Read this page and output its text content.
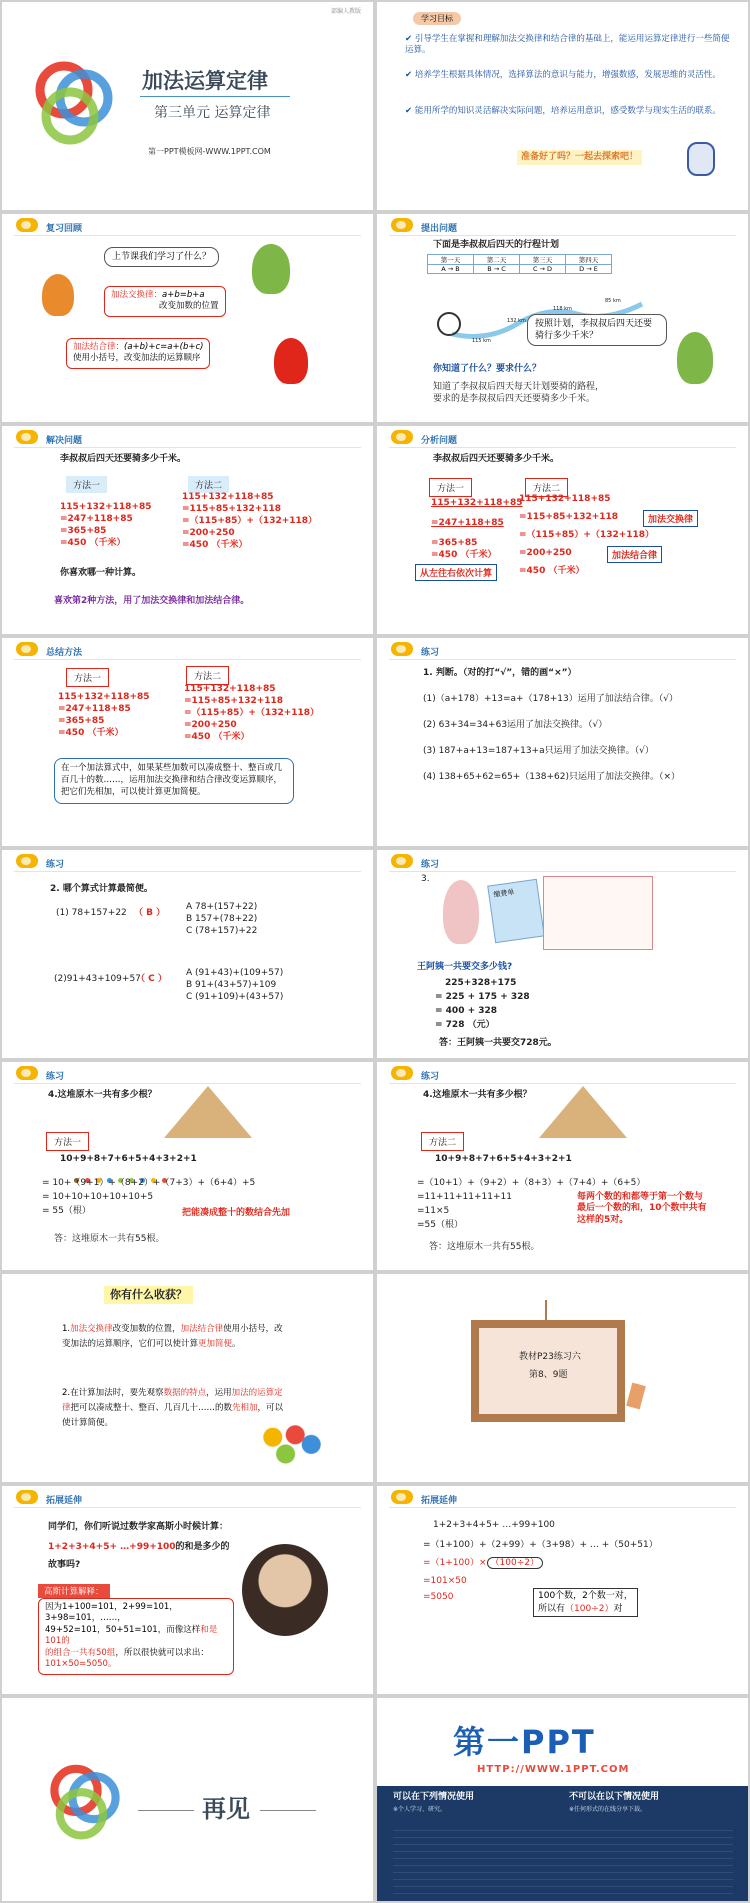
部编人教版
加法运算定律
第三单元 运算定律
第一PPT模板网-WWW.1PPT.COM
学习目标
✔ 引导学生在掌握和理解加法交换律和结合律的基础上，能运用运算定律进行一些简便运算。
✔ 培养学生根据具体情况，选择算法的意识与能力，增强数感，发展思维的灵活性。
✔ 能用所学的知识灵活解决实际问题，培养运用意识，感受数学与现实生活的联系。
准备好了吗？一起去探索吧！
复习回顾
上节课我们学习了什么？
加法交换律：a+b=b+a
改变加数的位置
加法结合律：(a+b)+c=a+(b+c)
使用小括号，改变加法的运算顺序
提出问题
下面是李叔叔后四天的行程计划
第一天	第二天	第三天	第四天
A → B	B → C	C → D	D → E
115 km
132 km
118 km
85 km
按照计划，李叔叔后四天还要骑行多少千米？
你知道了什么？要求什么？
知道了李叔叔后四天每天计划要骑的路程，
要求的是李叔叔后四天还要骑多少千米。
解决问题
李叔叔后四天还要骑多少千米。
方法一	方法二
115+132+118+85
=247+118+85
=365+85
=450 （千米）
115+132+118+85
=115+85+132+118
=（115+85）+（132+118）
=200+250
=450 （千米）
你喜欢哪一种计算。
喜欢第2种方法，用了加法交换律和加法结合律。
分析问题
李叔叔后四天还要骑多少千米。
方法一	方法二
115+132+118+85
=247+118+85
=365+85
=450 （千米）
从左往右依次计算
115+132+118+85
=115+85+132+118
=（115+85）+（132+118）
=200+250
=450 （千米）
加法交换律
加法结合律
总结方法
方法一	方法二
115+132+118+85
=247+118+85
=365+85
=450 （千米）
115+132+118+85
=115+85+132+118
=（115+85）+（132+118）
=200+250
=450 （千米）
在一个加法算式中，如果某些加数可以凑成整十、整百或几百几十的数……，运用加法交换律和结合律改变运算顺序，把它们先相加，可以使计算更加简便。
练习
1. 判断。（对的打“√”，错的画“×”）
(1)（a+178）+13=a+（178+13）运用了加法结合律。（√）
(2) 63+34=34+63运用了加法交换律。（√）
(3) 187+a+13=187+13+a只运用了加法交换律。（√）
(4) 138+65+62=65+（138+62)只运用了加法交换律。（×）
练习
2. 哪个算式计算最简便。
(1) 78+157+22 （ B ）
A 78+(157+22)
B 157+(78+22)
C (78+157)+22
(2)91+43+109+57
（ C ）
A (91+43)+(109+57)
B 91+(43+57)+109
C (91+109)+(43+57)
练习
3.
缴费单
王阿姨一共要交多少钱?
225+328+175
= 225 + 175 + 328
= 400 + 328
= 728 （元）
答：王阿姨一共要交728元。
练习
4.这堆原木一共有多少根？
方法一
10+9+8+7+6+5+4+3+2+1
= 10+（9+1）+（8+2）+（7+3）+（6+4）+5
= 10+10+10+10+10+5
= 55（根）	把能凑成整十的数结合先加
答：这堆原木一共有55根。
练习
4.这堆原木一共有多少根？
方法二
10+9+8+7+6+5+4+3+2+1
=（10+1）+（9+2）+（8+3）+（7+4）+（6+5）
=11+11+11+11+11
=11×5
=55（根）
每两个数的和都等于第一个数与最后一个数的和，10个数中共有这样的5对。
答：这堆原木一共有55根。
你有什么收获？
1.加法交换律改变加数的位置，加法结合律使用小括号，改变加法的运算顺序，它们可以使计算更加简便。
2.在计算加法时，要先观察数据的特点，运用加法的运算定律把可以凑成整十、整百、几百几十……的数先相加，可以使计算简便。
教材P23练习六
第8、9题
拓展延伸
同学们，你们听说过数学家高斯小时候计算：
1+2+3+4+5+ …+99+100的和是多少的
故事吗?
高斯计算解释：
因为1+100=101，2+99=101，3+98=101，……，
49+52=101，50+51=101，而像这样和是101的
的组合一共有50组，所以很快就可以求出：
101×50=5050。
拓展延伸
1+2+3+4+5+ …+99+100
=（1+100）+（2+99）+（3+98）+ … +（50+51）
=（1+100）× （100÷2）
=101×50
=5050	100个数，2个数一对，
所以有（100÷2）对
再见
第一PPT
HTTP://WWW.1PPT.COM
可以在下列情况使用
※个人学习、研究。
不可以在以下情况使用
※任何形式的在线分享下载。
